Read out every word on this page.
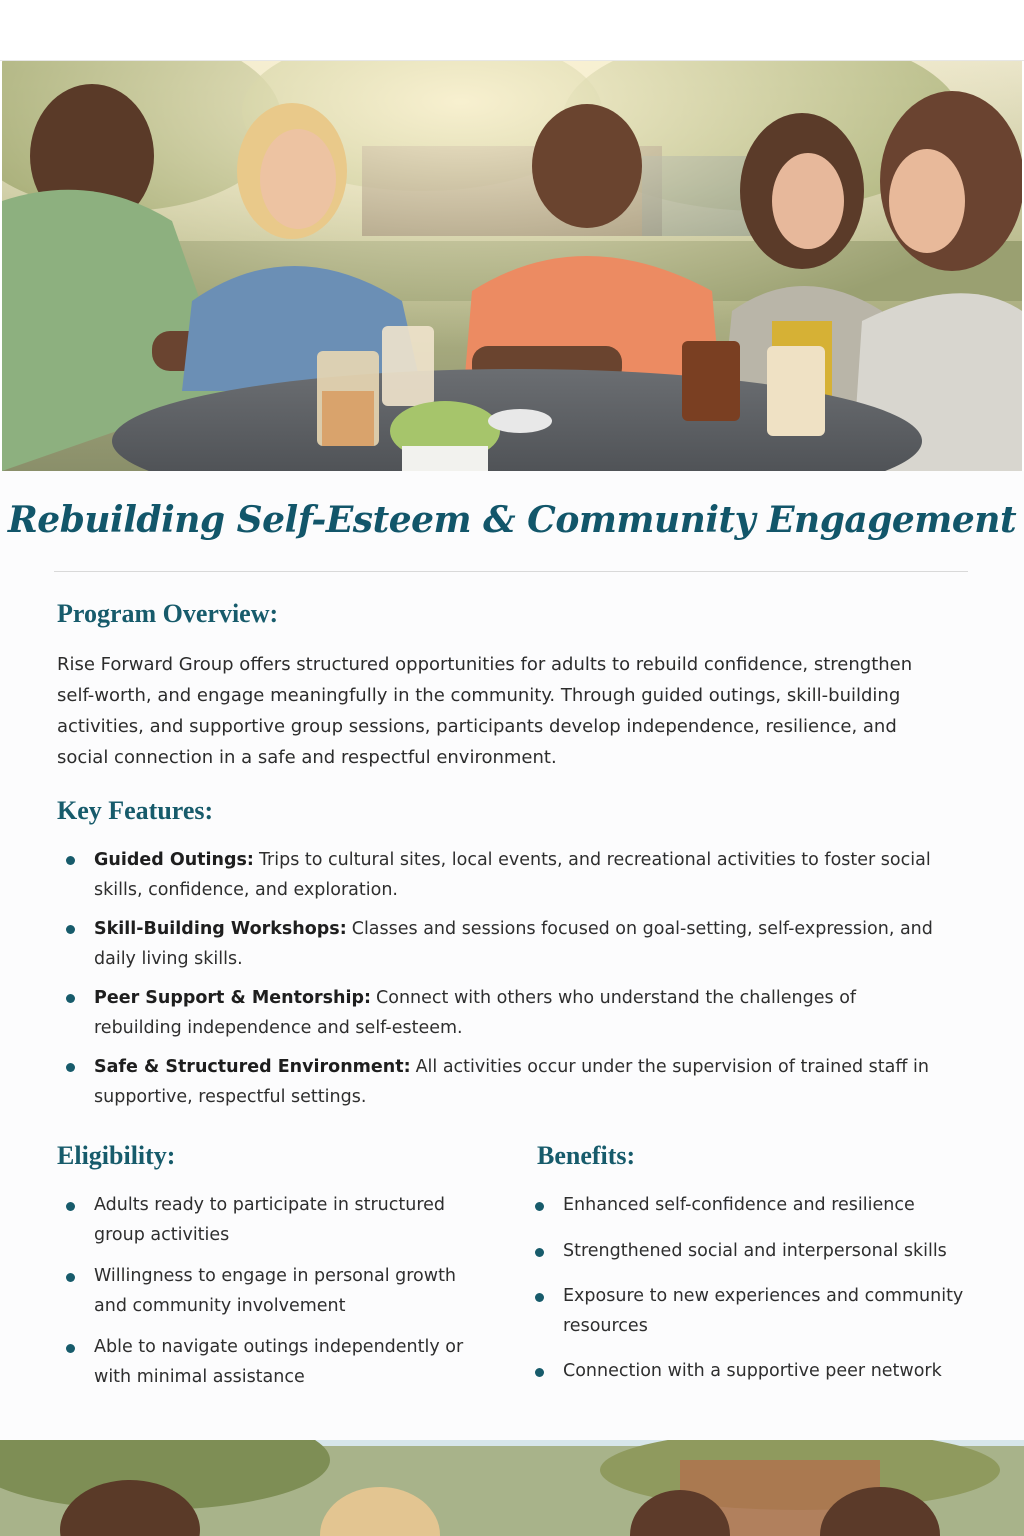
Rebuilding Self-Esteem & Community Engagement
Program Overview:

Rise Forward Group offers structured opportunities for adults to rebuild confidence, strengthen self-worth, and engage meaningfully in the community. Through guided outings, skill-building activities, and supportive group sessions, participants develop independence, resilience, and social connection in a safe and respectful environment.

Key Features:
Guided Outings: Trips to cultural sites, local events, and recreational activities to foster social skills, confidence, and exploration.
Skill-Building Workshops: Classes and sessions focused on goal-setting, self-expression, and daily living skills.
Peer Support & Mentorship: Connect with others who understand the challenges of rebuilding independence and self-esteem.
Safe & Structured Environment: All activities occur under the supervision of trained staff in supportive, respectful settings.
Eligibility:
Adults ready to participate in structured group activities
Willingness to engage in personal growth and community involvement
Able to navigate outings independently or with minimal assistance
Benefits:
Enhanced self-confidence and resilience
Strengthened social and interpersonal skills
Exposure to new experiences and community resources
Connection with a supportive peer network
